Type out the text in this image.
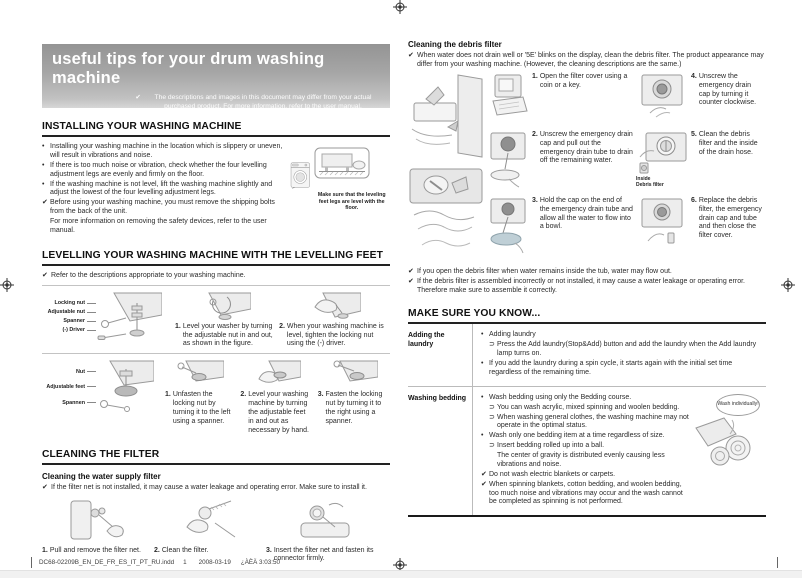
useful tips for your drum washing machine
✔	The descriptions and images in this document may differ from your actual purchased product. For more information, refer to the user manual.
INSTALLING YOUR WASHING MACHINE
• Installing your washing machine in the location which is slippery or uneven, will result in vibrations and noise.
• If there is too much noise or vibration, check whether the four levelling adjustment legs are evenly and firmly on the floor.
• If the washing machine is not level, lift the washing machine slightly and adjust the lowest of the four levelling adjustment legs.
✔ Before using your washing machine, you must remove the shipping bolts from the back of the unit.
For more information on removing the safety devices, refer to the user manual.
Make sure that the leveling feet legs are level with the floor.
LEVELLING YOUR WASHING MACHINE WITH THE LEVELLING FEET
✔ Refer to the descriptions appropriate to your washing machine.
Locking nut
Adjustable nut
Spanner
(-) Driver
1. Level your washer by turning the adjustable nut in and out, as shown in the figure.
2. When your washing machine is level, tighten the locking nut using the (-) driver.
Nut
Adjustable feet
Spannen
1. Unfasten the locking nut by turning it to the left using a spanner.
2. Level your washing machine by turning the adjustable feet in and out as necessary by hand.
3. Fasten the locking nut by turning it to the right using a spanner.
CLEANING THE FILTER
Cleaning the water supply filter
✔ If the filter net is not installed, it may cause a water leakage and operating error. Make sure to install it.
1. Pull and remove the filter net. 2. Clean the filter.	3. Insert the filter net and fasten its connector firmly.
Cleaning the debris filter
✔ When water does not drain well or '5E' blinks on the display, clean the debris filter. The product appearance may differ from your washing machine. (However, the cleaning descriptions are the same.)
1. Open the filter cover using a coin or a key.
2. Unscrew the emergency drain cap and pull out the emergency drain tube to drain off the remaining water.
3. Hold the cap on the end of the emergency drain tube and allow all the water to flow into a bowl.
4. Unscrew the emergency drain cap by turning it counter clockwise.
Inside
Debris filter
5. Clean the debris filter and the inside of the drain hose.
6. Replace the debris filter, the emergency drain cap and tube and then close the filter cover.
✔ If you open the debris filter when water remains inside the tub, water may flow out.
✔ If the debris filter is assembled incorrectly or not installed, it may cause a water leakage or operating error. Therefore make sure to assemble it correctly.
MAKE SURE YOU KNOW...
Adding the laundry
• Adding laundry
⊃ Press the Add laundry(Stop&Add) button and add the laundry when the Add laundry lamp turns on.
• If you add the laundry during a spin cycle, it starts again with the initial set time regardless of the remaining time.
Washing bedding	• Wash bedding using only the Bedding course.
⊃ You can wash acrylic, mixed spinning and woolen bedding.
⊃ When washing general clothes, the washing machine may not operate in the optimal status.
• Wash only one bedding item at a time regardless of size.
⊃ Insert bedding rolled up into a ball.
The center of gravity is distributed evenly causing less vibrations and noise.
✔ Do not wash electric blankets or carpets.
✔ When spinning blankets, cotton bedding, and woolen bedding, too much noise and vibrations may occur and the wash cannot be completed as spinning is not performed.
Wash individually!
DC68-02209B_EN_DE_FR_ES_IT_PT_RU.indd 1 2008-03-19 ¿ÀÈÄ 3:03:50
